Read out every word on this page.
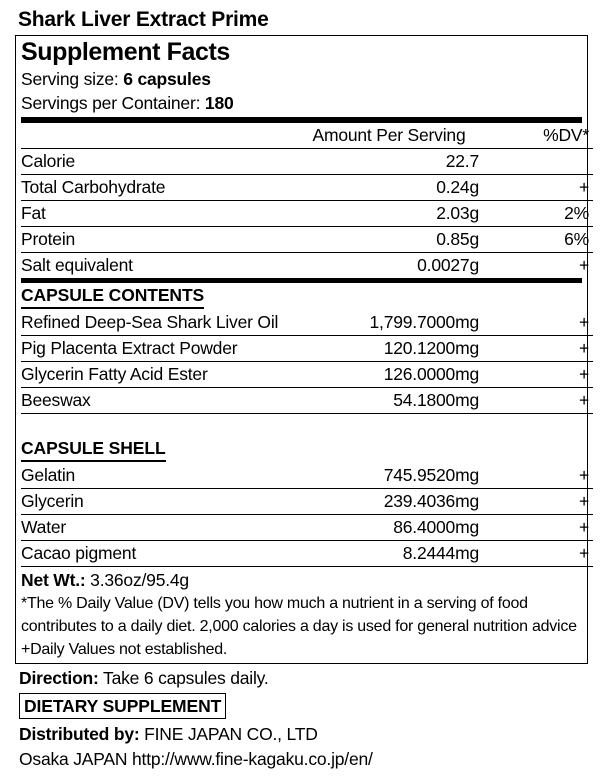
Shark Liver Extract Prime
Supplement Facts
Serving size: 6 capsules
Servings per Container: 180
	Amount Per Serving	%DV*
Calorie	22.7	
Total Carbohydrate	0.24g	+
Fat	2.03g	2%
Protein	0.85g	6%
Salt equivalent	0.0027g	+
CAPSULE CONTENTS
Refined Deep-Sea Shark Liver Oil	1,799.7000mg	+
Pig Placenta Extract Powder	120.1200mg	+
Glycerin Fatty Acid Ester	126.0000mg	+
Beeswax	54.1800mg	+
CAPSULE SHELL
Gelatin	745.9520mg	+
Glycerin	239.4036mg	+
Water	86.4000mg	+
Cacao pigment	8.2444mg	+
Net Wt.: 3.36oz/95.4g
*The % Daily Value (DV) tells you how much a nutrient in a serving of food contributes to a daily diet. 2,000 calories a day is used for general nutrition advice
+Daily Values not established.
Direction: Take 6 capsules daily.
DIETARY SUPPLEMENT
Distributed by: FINE JAPAN CO., LTD
Osaka JAPAN http://www.fine-kagaku.co.jp/en/
